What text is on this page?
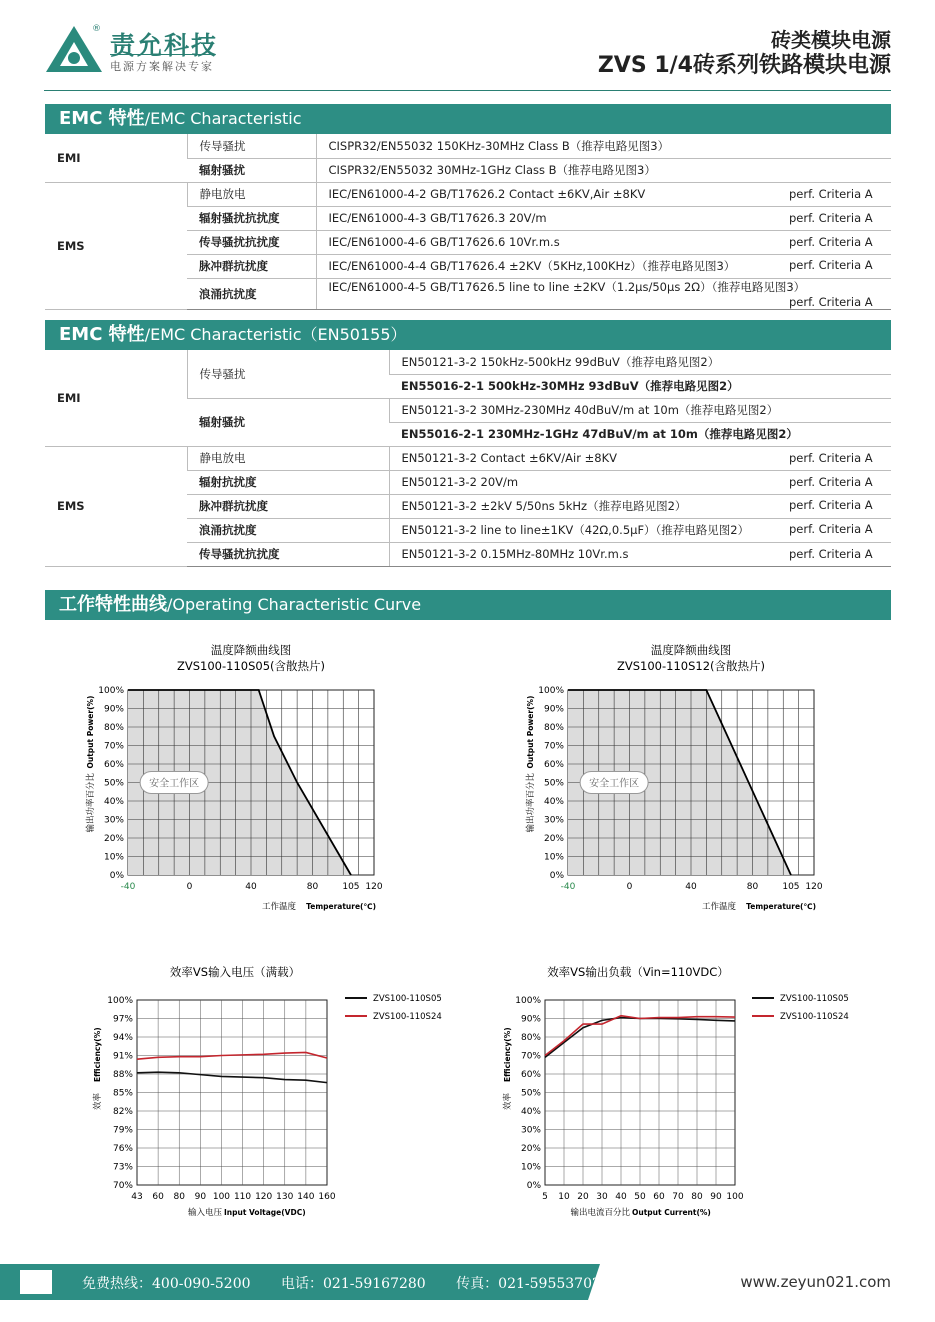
®
责允科技
电源方案解决专家
砖类模块电源
ZVS 1/4砖系列铁路模块电源
EMC 特性/EMC Characteristic
EMI	传导骚扰	CISPR32/EN55032 150KHz-30MHz Class B（推荐电路见图3）
	辐射骚扰	CISPR32/EN55032 30MHz-1GHz Class B（推荐电路见图3）
EMS	静电放电	IEC/EN61000-4-2 GB/T17626.2 Contact ±6KV,Air ±8KV perf. Criteria A

	辐射骚扰抗扰度	IEC/EN61000-4-3 GB/T17626.3 20V/m perf. Criteria A

	传导骚扰抗扰度	IEC/EN61000-4-6 GB/T17626.6 10Vr.m.s perf. Criteria A

	脉冲群抗扰度	IEC/EN61000-4-4 GB/T17626.4 ±2KV（5KHz,100KHz）（推荐电路见图3） perf. Criteria A

	浪涌抗扰度	IEC/EN61000-4-5 GB/T17626.5 line to line ±2KV（1.2μs/50μs 2Ω）（推荐电路见图3）
perf. Criteria A
EMC 特性/EMC Characteristic（EN50155）
EMI	传导骚扰	EN50121-3-2 150kHz-500kHz 99dBuV（推荐电路见图2）
		EN55016-2-1 500kHz-30MHz 93dBuV（推荐电路见图2）
	辐射骚扰	EN50121-3-2 30MHz-230MHz 40dBuV/m at 10m（推荐电路见图2）
		EN55016-2-1 230MHz-1GHz 47dBuV/m at 10m（推荐电路见图2）
EMS	静电放电	EN50121-3-2 Contact ±6KV/Air ±8KV perf. Criteria A

	辐射抗扰度	EN50121-3-2 20V/m perf. Criteria A

	脉冲群抗扰度	EN50121-3-2 ±2kV 5/50ns 5kHz（推荐电路见图2） perf. Criteria A

	浪涌抗扰度	EN50121-3-2 line to line±1KV（42Ω,0.5μF）（推荐电路见图2） perf. Criteria A

	传导骚扰抗扰度	EN50121-3-2 0.15MHz-80MHz 10Vr.m.s perf. Criteria A
工作特性曲线/Operating Characteristic Curve
温度降额曲线图
ZVS100-110S05(含散热片)
安全工作区
0%
10%
20%
30%
40%
50%
60%
70%
80%
90%
100%
-40	0	40	80	105 120
工作温度 Temperature(℃)
输出功率百分比
Output Power(%)
温度降额曲线图
ZVS100-110S12(含散热片)
安全工作区
0%
10%
20%
30%
40%
50%
60%
70%
80%
90%
100%
-40	0	40	80	105 120
工作温度 Temperature(℃)
输出功率百分比
Output Power(%)
效率VS输入电压（满载）
70%
73%
76%
79%
82%
85%
88%
91%
94%
97%
100%
43 60 80 90 100 110 120 130 140 160
ZVS100-110S05
ZVS100-110S24
输入电压 Input Voltage(VDC)
效率
Efficiency(%)
效率VS输出负载（Vin=110VDC）
0%
10%
20%
30%
40%
50%
60%
70%
80%
90%
100%
5 10 20 30 40 50 60 70 80 90 100
ZVS100-110S05
ZVS100-110S24
输出电流百分比 Output Current(%)
效率
Efficiency(%)
免费热线：400-090-5200 电话：021-59167280 传真：021-59553702	www.zeyun021.com
